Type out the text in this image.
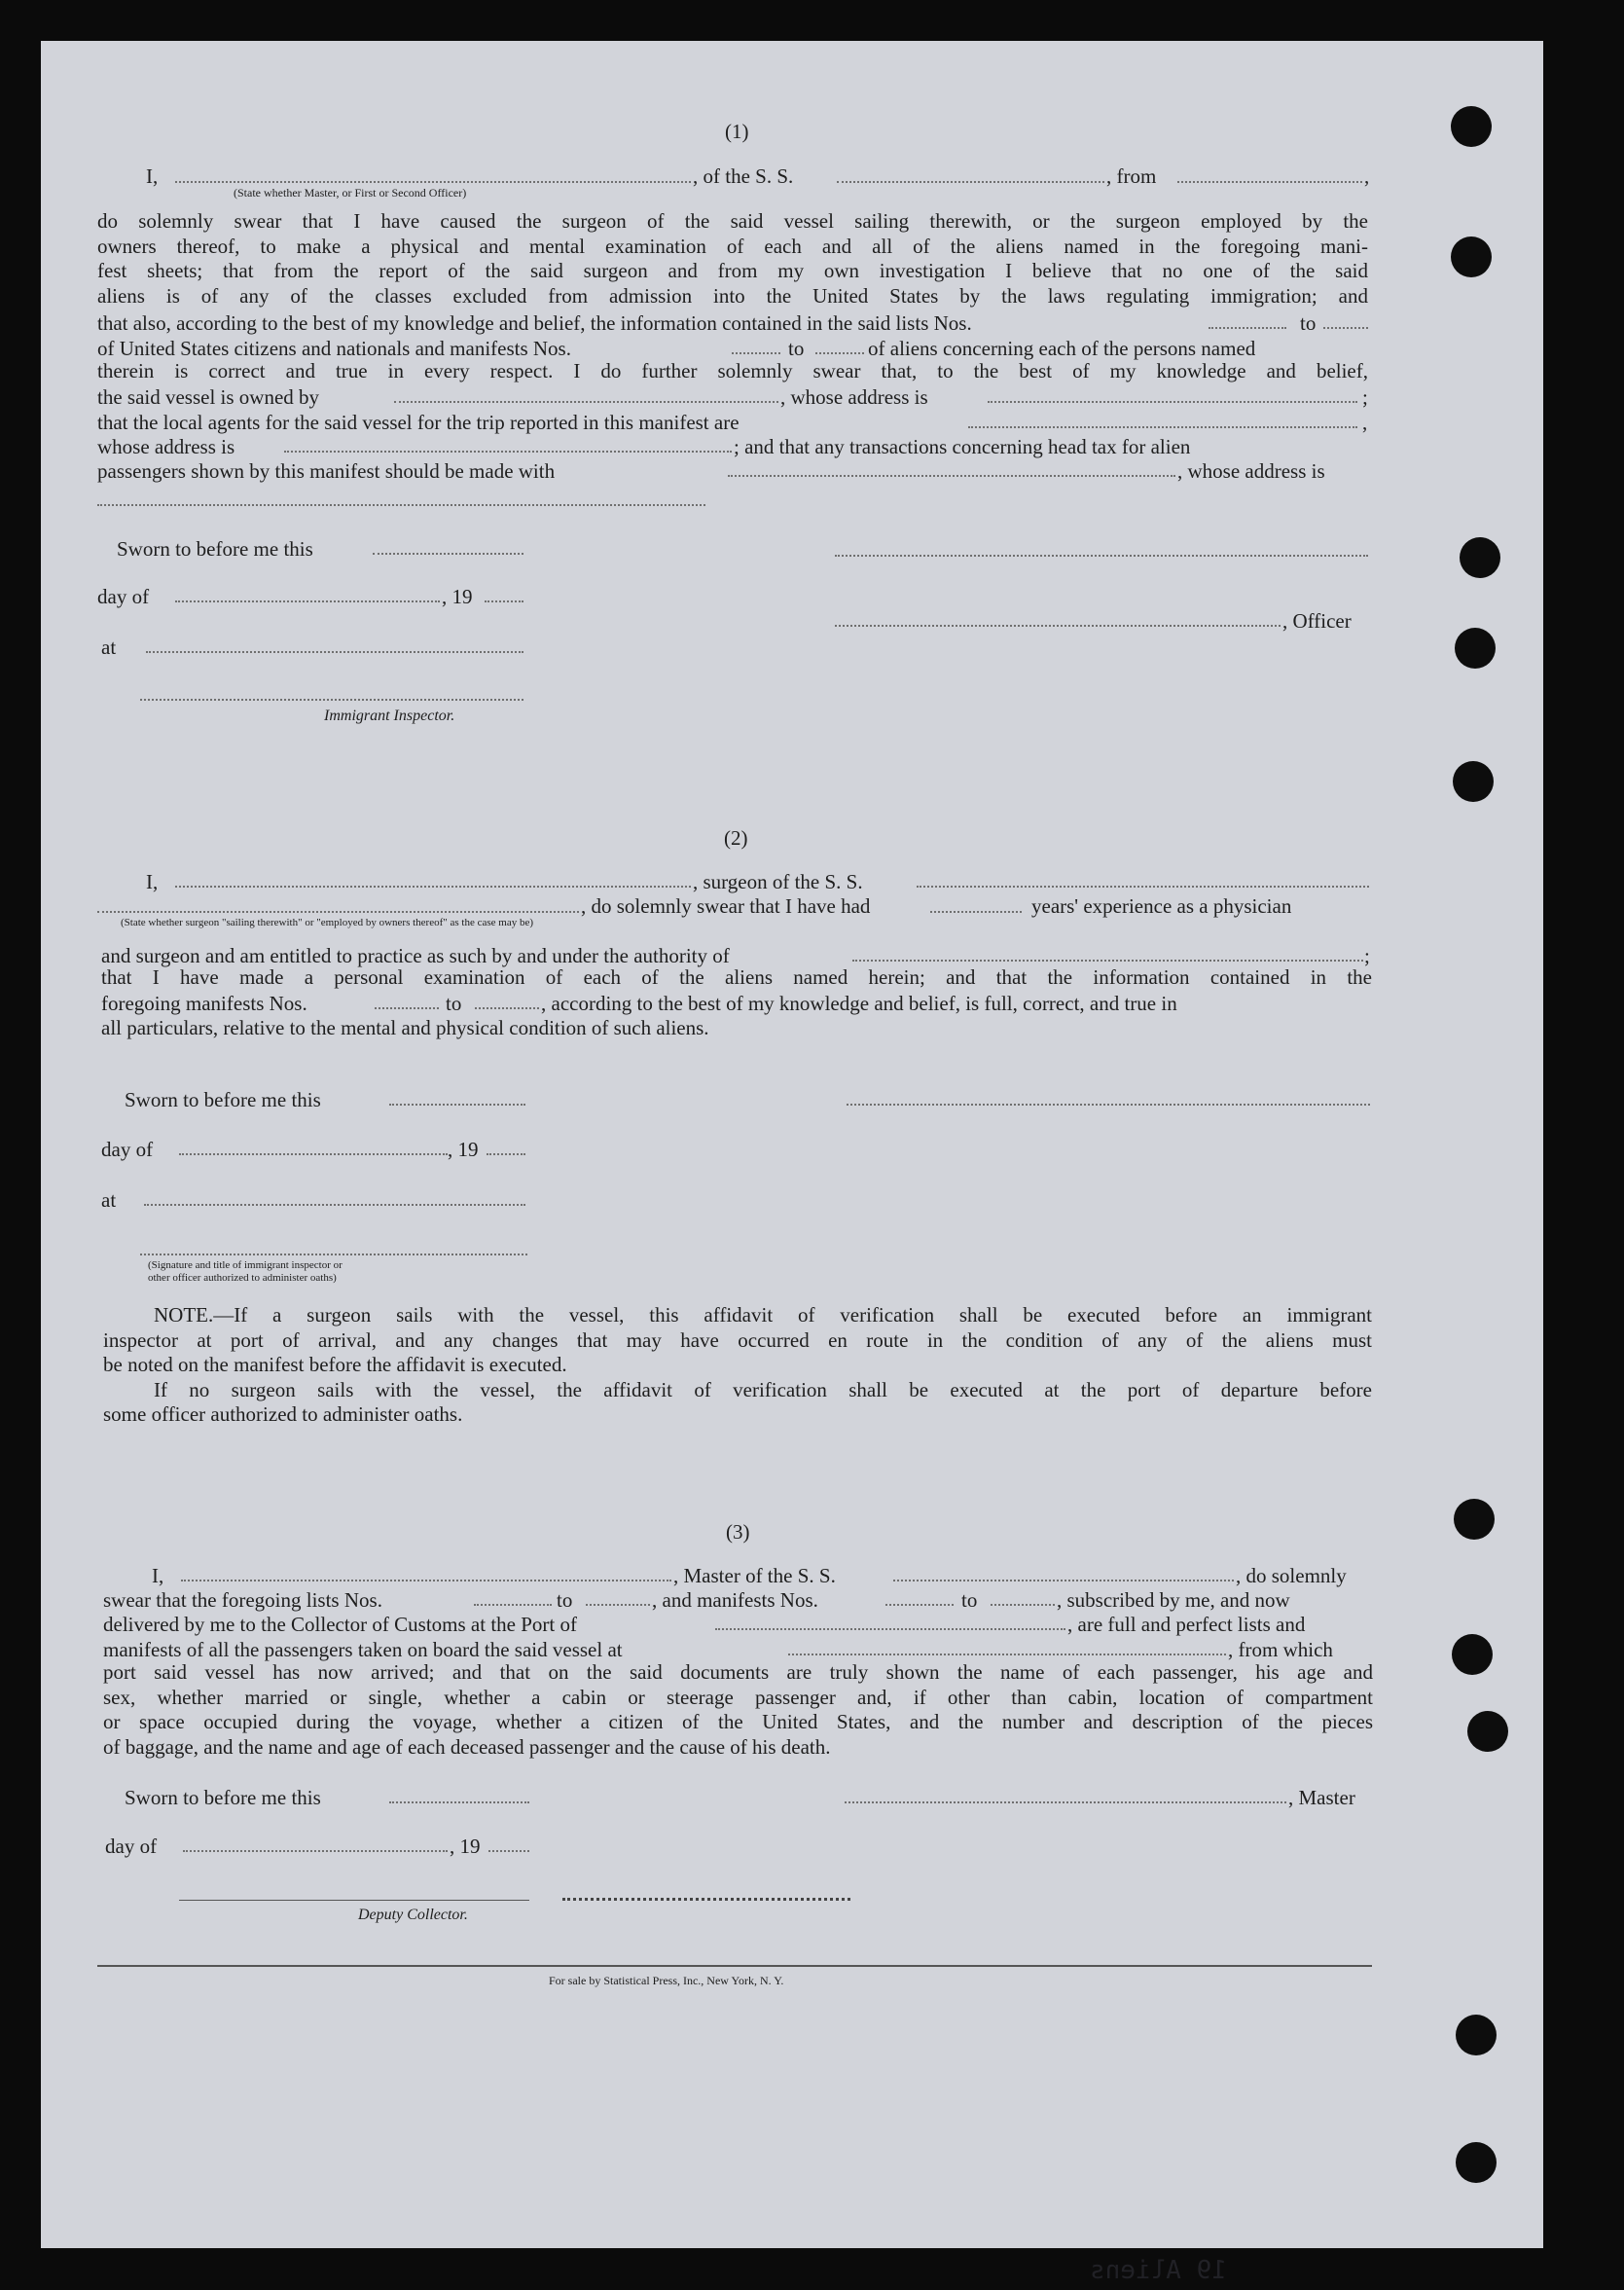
19 Aliens
(1)
I,
(State whether Master, or First or Second Officer)
, of the S. S.	, from	,
do solemnly swear that I have caused the surgeon of the said vessel sailing therewith, or the surgeon employed by the
owners thereof, to make a physical and mental examination of each and all of the aliens named in the foregoing mani-
fest sheets; that from the report of the said surgeon and from my own investigation I believe that no one of the said
aliens is of any of the classes excluded from admission into the United States by the laws regulating immigration; and
that also, according to the best of my knowledge and belief, the information contained in the said lists Nos.	to
of United States citizens and nationals and manifests Nos.	to	of aliens concerning each of the persons named
therein is correct and true in every respect. I do further solemnly swear that, to the best of my knowledge and belief,
the said vessel is owned by	, whose address is	;
that the local agents for the said vessel for the trip reported in this manifest are	,
whose address is	; and that any transactions concerning head tax for alien
passengers shown by this manifest should be made with	, whose address is
Sworn to before me this
day of	, 19
, Officer
at
Immigrant Inspector.
(2)
I,	, surgeon of the S. S.
, do solemnly swear that I have had	years' experience as a physician
(State whether surgeon "sailing therewith" or "employed by owners thereof" as the case may be)
and surgeon and am entitled to practice as such by and under the authority of	;
that I have made a personal examination of each of the aliens named herein; and that the information contained in the
foregoing manifests Nos.	to	, according to the best of my knowledge and belief, is full, correct, and true in
all particulars, relative to the mental and physical condition of such aliens.
Sworn to before me this
day of	, 19
at
(Signature and title of immigrant inspector or
other officer authorized to administer oaths)
NOTE.—If a surgeon sails with the vessel, this affidavit of verification shall be executed before an immigrant
inspector at port of arrival, and any changes that may have occurred en route in the condition of any of the aliens must
be noted on the manifest before the affidavit is executed.
If no surgeon sails with the vessel, the affidavit of verification shall be executed at the port of departure before
some officer authorized to administer oaths.
(3)
I,	, Master of the S. S.	, do solemnly
swear that the foregoing lists Nos.	to	, and manifests Nos.	to	, subscribed by me, and now
delivered by me to the Collector of Customs at the Port of	, are full and perfect lists and
manifests of all the passengers taken on board the said vessel at	, from which
port said vessel has now arrived; and that on the said documents are truly shown the name of each passenger, his age and
sex, whether married or single, whether a cabin or steerage passenger and, if other than cabin, location of compartment
or space occupied during the voyage, whether a citizen of the United States, and the number and description of the pieces
of baggage, and the name and age of each deceased passenger and the cause of his death.
Sworn to before me this	, Master
day of	, 19
Deputy Collector.
For sale by Statistical Press, Inc., New York, N. Y.
